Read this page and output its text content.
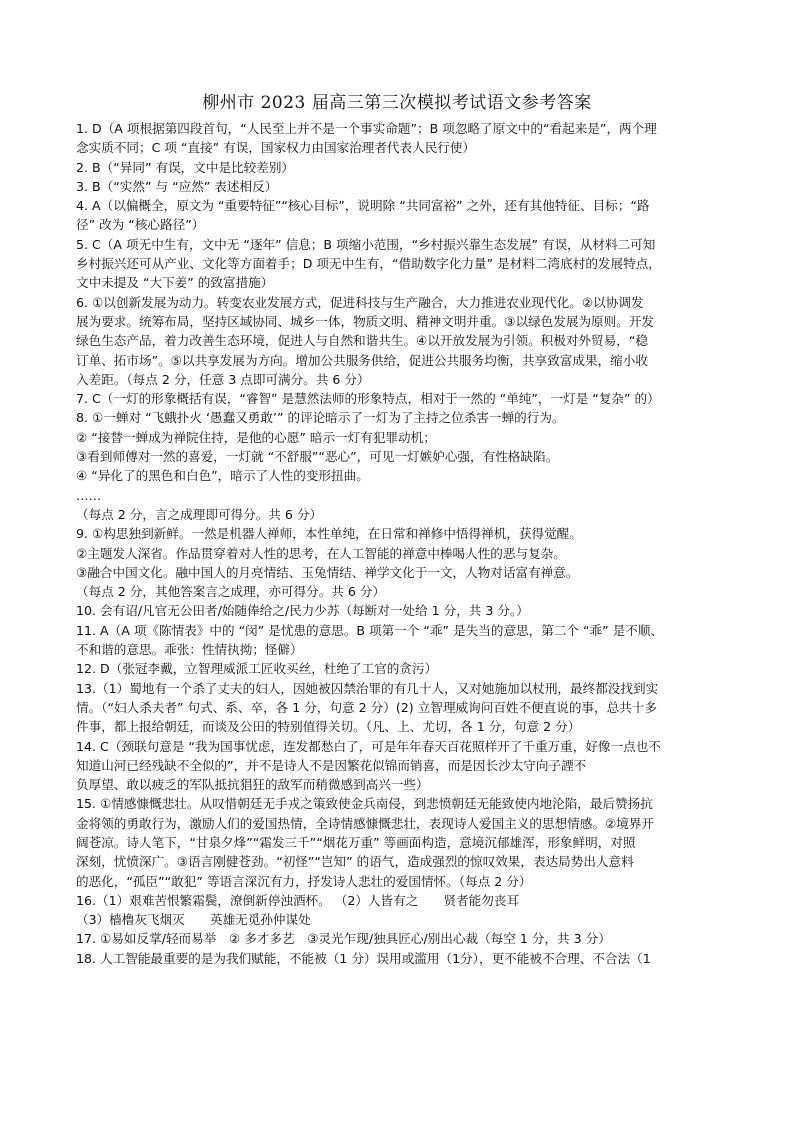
柳州市 2023 届高三第三次模拟考试语文参考答案

1. D（A 项根据第四段首句，“人民至上并不是一个事实命题”；B 项忽略了原文中的“看起来是”，两个理

念实质不同；C 项 “直接” 有误，国家权力由国家治理者代表人民行使）

2. B（“异同” 有误，文中是比较差别）

3. B（“实然” 与 “应然” 表述相反）

4. A（以偏概全，原文为 “重要特征”“核心目标”，说明除 “共同富裕” 之外，还有其他特征、目标；“路

径” 改为 “核心路径”）

5. C（A 项无中生有，文中无 “逐年” 信息；B 项缩小范围，“乡村振兴靠生态发展” 有误，从材料二可知

乡村振兴还可从产业、文化等方面着手；D 项无中生有，“借助数字化力量” 是材料二湾底村的发展特点，

文中未提及 “大下姜” 的致富措施）

6. ①以创新发展为动力。转变农业发展方式，促进科技与生产融合，大力推进农业现代化。②以协调发

展为要求。统筹布局，坚持区域协同、城乡一体，物质文明、精神文明并重。③以绿色发展为原则。开发

绿色生态产品，着力改善生态环境，促进人与自然和谐共生。④以开放发展为引领。积极对外贸易，“稳

订单、拓市场”。⑤以共享发展为方向。增加公共服务供给，促进公共服务均衡，共享致富成果，缩小收

入差距。（每点 2 分，任意 3 点即可满分。共 6 分）

7. C（一灯的形象概括有误，“睿智” 是慧然法师的形象特点，相对于一然的 “单纯”，一灯是 “复杂” 的）

8. ①一蝉对 “飞蛾扑火 ‘愚蠢又勇敢’” 的评论暗示了一灯为了主持之位杀害一蝉的行为。

② “接替一蝉成为禅院住持，是他的心愿” 暗示一灯有犯罪动机；

③看到师傅对一然的喜爱，一灯就 “不舒服”“恶心”，可见一灯嫉妒心强，有性格缺陷。

④ “异化了的黑色和白色”，暗示了人性的变形扭曲。

……

（每点 2 分，言之成理即可得分。共 6 分）

9. ①构思独到新鲜。一然是机器人禅师，本性单纯，在日常和禅修中悟得禅机，获得觉醒。

②主题发人深省。作品贯穿着对人性的思考，在人工智能的禅意中棒喝人性的恶与复杂。

③融合中国文化。融中国人的月亮情结、玉兔情结、禅学文化于一文，人物对话富有禅意。

（每点 2 分，其他答案言之成理，亦可得分。共 6 分）

10. 会有诏/凡官无公田者/始随俸给之/民力少苏（每断对一处给 1 分，共 3 分。）

11. A（A 项《陈情表》中的 “闵” 是忧患的意思。B 项第一个 “乖” 是失当的意思，第二个 “乖” 是不顺、

不和谐的意思。乖张：性情执拗；怪僻）

12. D（张冠李戴，立智理威派工匠收买丝，杜绝了工官的贪污）

13.（1）蜀地有一个杀了丈夫的妇人，因她被囚禁治罪的有几十人，又对她施加以杖刑，最终都没找到实

情。（“妇人杀夫者” 句式、系、卒，各 1 分，句意 2 分）(2) 立智理威询问百姓不便直说的事，总共十多

件事，都上报给朝廷，而谈及公田的特别值得关切。（凡、上、尤切，各 1 分，句意 2 分）

14. C（颈联句意是 “我为国事忧虑，连发都愁白了，可是年年春天百花照样开了千重万重，好像一点也不

知道山河已经残缺不全似的”，并不是诗人不是因繁花似锦而销喜，而是因长沙太守向子諲不

负厚望、敢以疲乏的军队抵抗猖狂的敌军而稍微感到高兴一些）

15. ①情感慷慨悲壮。从叹惜朝廷无手戎之策致使金兵南侵，到悲愤朝廷无能致使内地沦陷，最后赞扬抗

金将领的勇敢行为，激励人们的爱国热情，全诗情感慷慨悲壮，表现诗人爱国主义的思想情感。②境界开

阔苍凉。诗人笔下，“甘泉夕烽”“霜发三千”“烟花万重” 等画面构造，意境沉郁雄浑，形象鲜明，对照

深刻，忧愤深广。③语言刚健苍劲。“初怪”“岂知” 的语气，造成强烈的惊叹效果，表达局势出人意料

的恶化，“孤臣”“敢犯” 等语言深沉有力，抒发诗人悲壮的爱国情怀。（每点 2 分）

16.（1）艰难苦恨繁霜鬓，潦倒新停浊酒杯。 （2）人皆有之　　贤者能勿丧耳

（3）樯橹灰飞烟灭　　英雄无觅孙仲谋处

17. ①易如反掌/轻而易举　② 多才多艺　③灵光乍现/独具匠心/别出心裁（每空 1 分，共 3 分）

18. 人工智能最重要的是为我们赋能，不能被（1 分）误用或滥用（1分），更不能被不合理、不合法（1
